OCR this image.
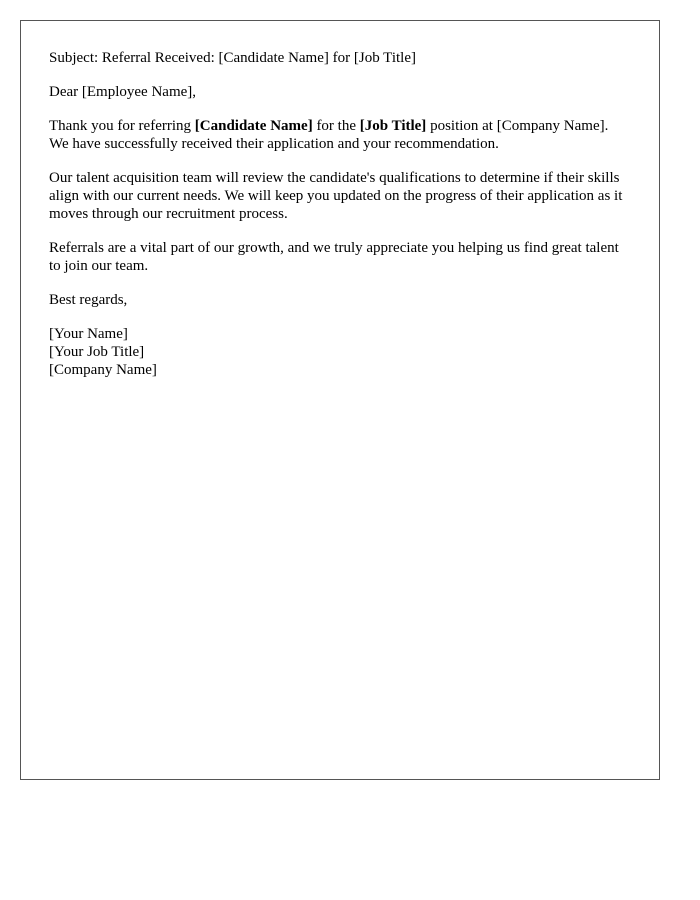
Subject: Referral Received: [Candidate Name] for [Job Title]

Dear [Employee Name],

Thank you for referring [Candidate Name] for the [Job Title] position at [Company Name]. We have successfully received their application and your recommendation.

Our talent acquisition team will review the candidate's qualifications to determine if their skills align with our current needs. We will keep you updated on the progress of their application as it moves through our recruitment process.

Referrals are a vital part of our growth, and we truly appreciate you helping us find great talent to join our team.

Best regards,

[Your Name]
[Your Job Title]
[Company Name]
